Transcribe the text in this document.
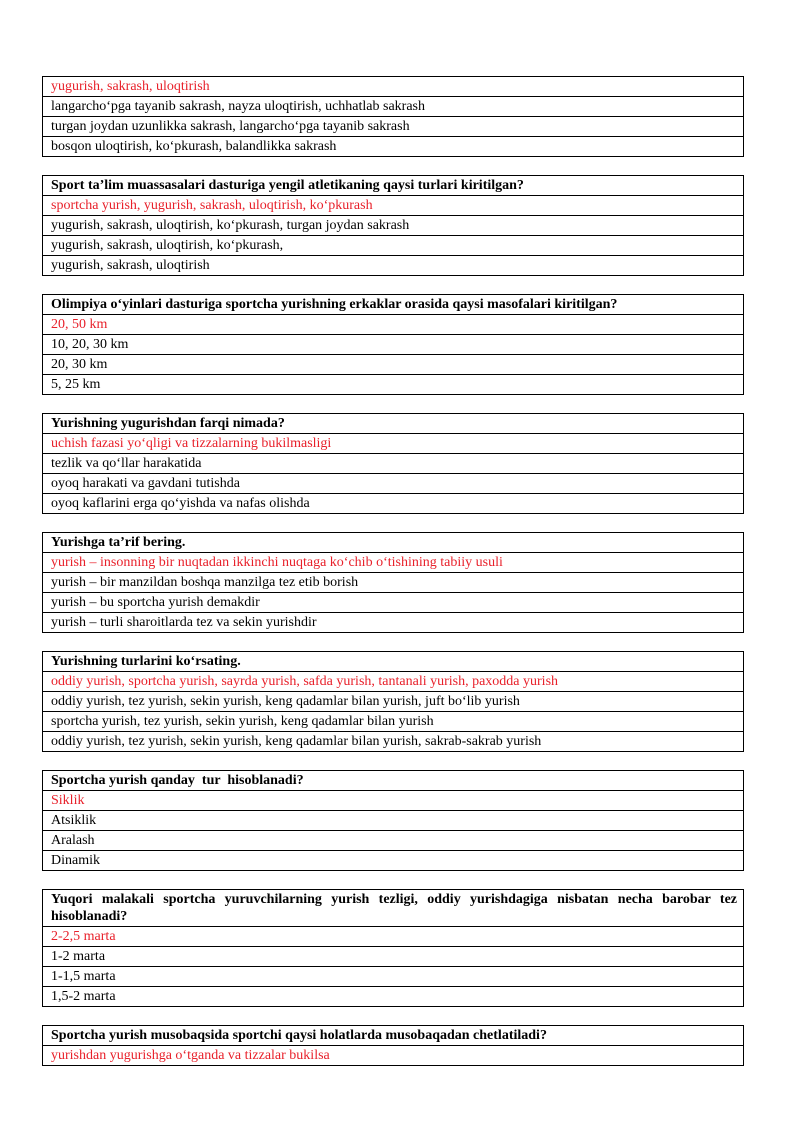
yugurish, sakrash, uloqtirish
langarcho‘pga tayanib sakrash, nayza uloqtirish, uchhatlab sakrash
turgan joydan uzunlikka sakrash, langarcho‘pga tayanib sakrash
bosqon uloqtirish, ko‘pkurash, balandlikka sakrash
Sport ta’lim muassasalari dasturiga yengil atletikaning qaysi turlari kiritilgan?
sportcha yurish, yugurish, sakrash, uloqtirish, ko‘pkurash
yugurish, sakrash, uloqtirish, ko‘pkurash, turgan joydan sakrash
yugurish, sakrash, uloqtirish, ko‘pkurash,
yugurish, sakrash, uloqtirish
Olimpiya o‘yinlari dasturiga sportcha yurishning erkaklar orasida qaysi masofalari kiritilgan?
20, 50 km
10, 20, 30 km
20, 30 km
5, 25 km
Yurishning yugurishdan farqi nimada?
uchish fazasi yo‘qligi va tizzalarning bukilmasligi
tezlik va qo‘llar harakatida
oyoq harakati va gavdani tutishda
oyoq kaflarini erga qo‘yishda va nafas olishda
Yurishga ta’rif bering.
yurish – insonning bir nuqtadan ikkinchi nuqtaga ko‘chib o‘tishining tabiiy usuli
yurish – bir manzildan boshqa manzilga tez etib borish
yurish – bu sportcha yurish demakdir
yurish – turli sharoitlarda tez va sekin yurishdir
Yurishning turlarini ko‘rsating.
oddiy yurish, sportcha yurish, sayrda yurish, safda yurish, tantanali yurish, paxodda yurish
oddiy yurish, tez yurish, sekin yurish, keng qadamlar bilan yurish, juft bo‘lib yurish
sportcha yurish, tez yurish, sekin yurish, keng qadamlar bilan yurish
oddiy yurish, tez yurish, sekin yurish, keng qadamlar bilan yurish, sakrab-sakrab yurish
Sportcha yurish qanday  tur  hisoblanadi?
Siklik
Atsiklik
Aralash
Dinamik
Yuqori malakali sportcha yuruvchilarning yurish tezligi, oddiy yurishdagiga nisbatan necha barobar tez hisoblanadi?
2-2,5 marta
1-2 marta
1-1,5 marta
1,5-2 marta
Sportcha yurish musobaqsida sportchi qaysi holatlarda musobaqadan chetlatiladi?
yurishdan yugurishga o‘tganda va tizzalar bukilsa
